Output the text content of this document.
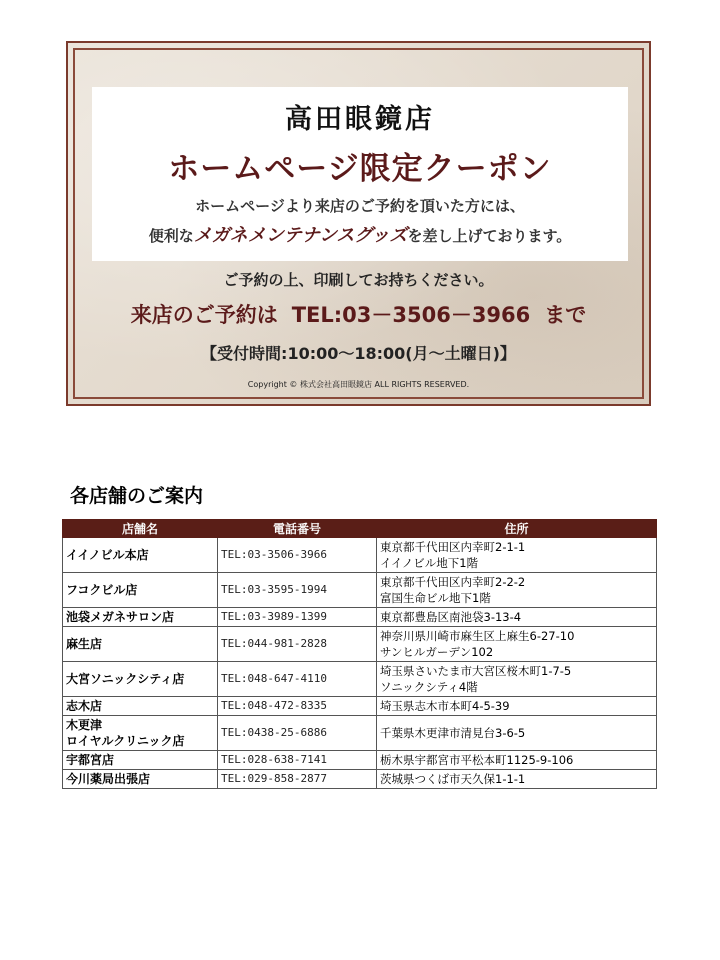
高田眼鏡店
ホームページ限定クーポン
ホームページより来店のご予約を頂いた方には、
便利なメガネメンテナンスグッズを差し上げております。
ご予約の上、印刷してお持ちください。
来店のご予約は TEL:03－3506－3966 まで
【受付時間:10:00～18:00(月～土曜日)】
Copyright © 株式会社高田眼鏡店 ALL RIGHTS RESERVED.
各店舗のご案内
店舗名	電話番号	住所
イイノビル本店	TEL:03-3506-3966	東京都千代田区内幸町2-1-1
イイノビル地下1階

フコクビル店	TEL:03-3595-1994	東京都千代田区内幸町2-2-2
富国生命ビル地下1階

池袋メガネサロン店	TEL:03-3989-1399	東京都豊島区南池袋3-13-4
麻生店	TEL:044-981-2828	神奈川県川崎市麻生区上麻生6-27-10
サンヒルガーデン102

大宮ソニックシティ店	TEL:048-647-4110	埼玉県さいたま市大宮区桜木町1-7-5
ソニックシティ4階

志木店	TEL:048-472-8335	埼玉県志木市本町4-5-39

木更津
ロイヤルクリニック店	TEL:0438-25-6886	千葉県木更津市清見台3-6-5
宇都宮店	TEL:028-638-7141	栃木県宇都宮市平松本町1125-9-106
今川薬局出張店	TEL:029-858-2877	茨城県つくば市天久保1-1-1
